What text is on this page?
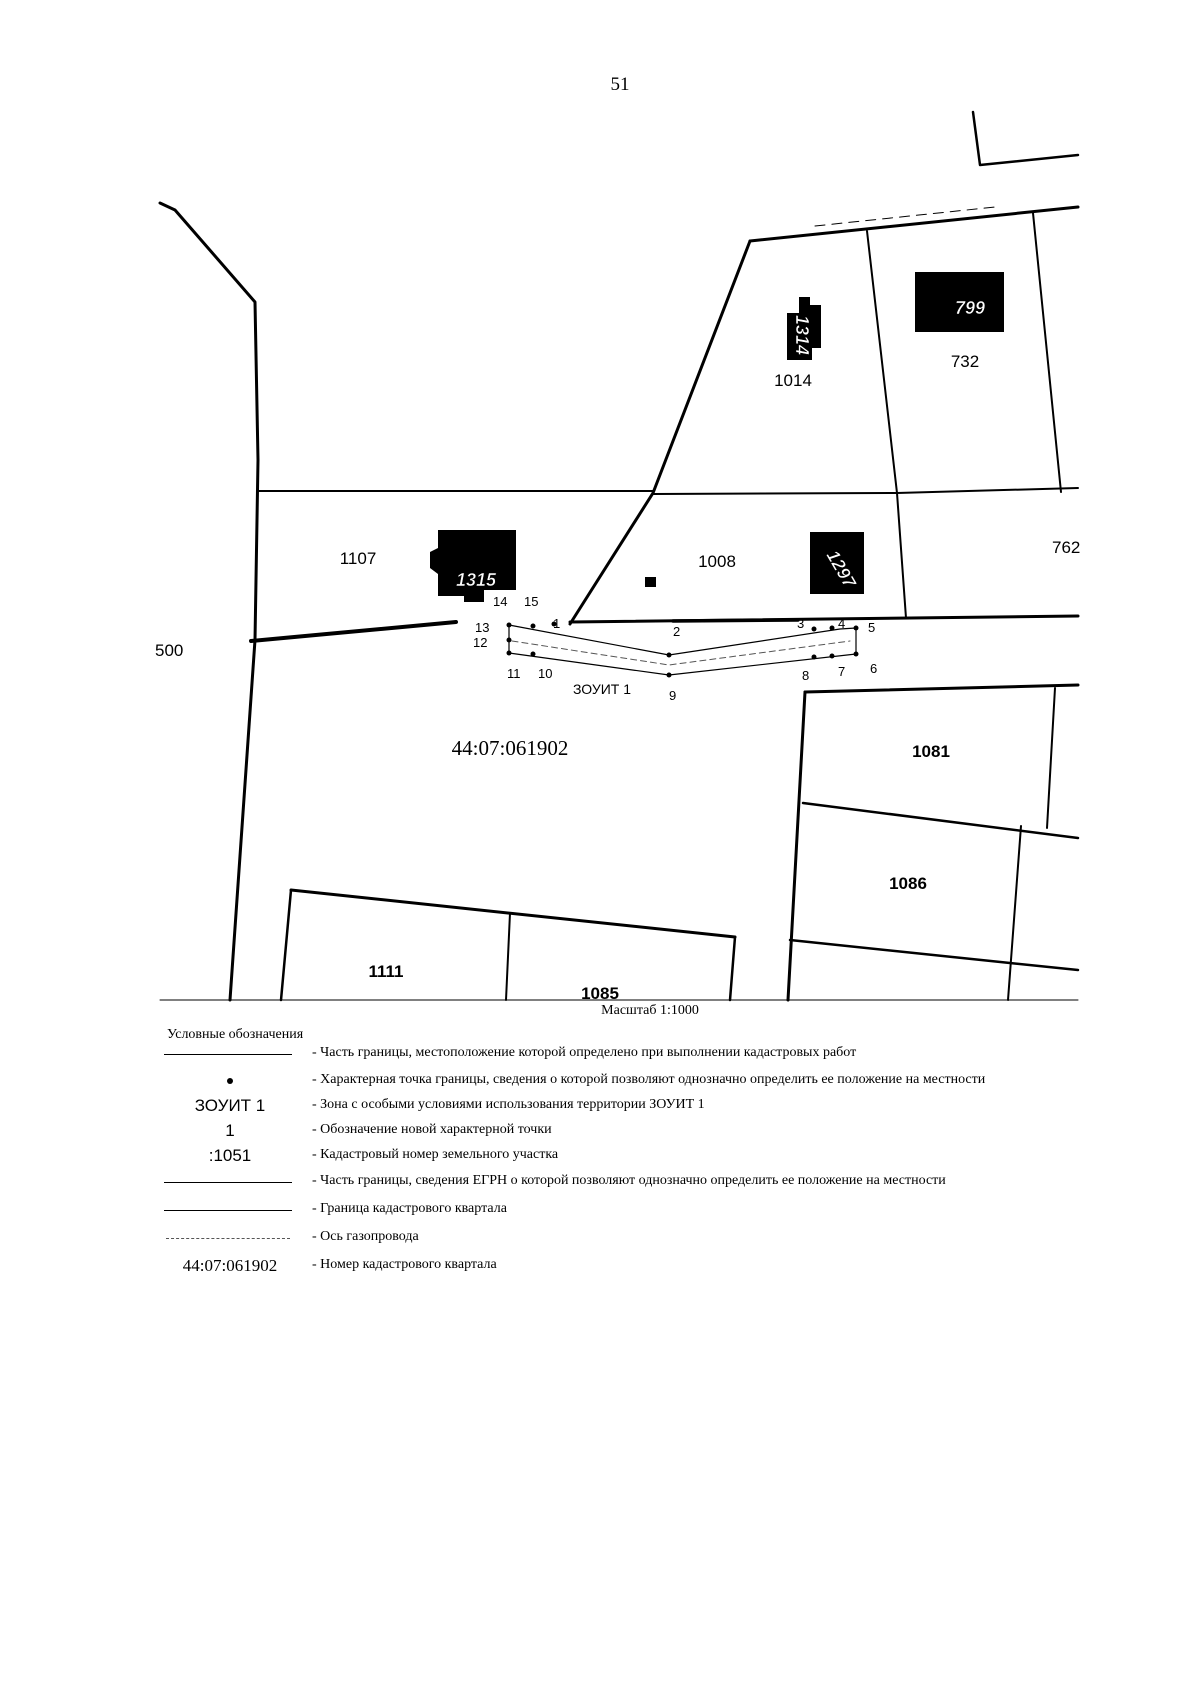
51
1315	1297
1314
799
1014
732
1107	1008
762
500
1081
1086
1111
1085
44:07:061902
ЗОУИТ 1
Масштаб 1:1000
1
2
3	4 5
6
7
8
9
10
11
12
13
14 15
Условные обозначения
- Часть границы, местоположение которой определено при выполнении кадастровых работ
- Характерная точка границы, сведения о которой позволяют однозначно определить ее положение на местности
ЗОУИТ 1	- Зона с особыми условиями использования территории ЗОУИТ 1
1	- Обозначение новой характерной точки
:1051	- Кадастровый номер земельного участка
- Часть границы, сведения ЕГРН о которой позволяют однозначно определить ее положение на местности
- Граница кадастрового квартала
- Ось газопровода
44:07:061902	- Номер кадастрового квартала
